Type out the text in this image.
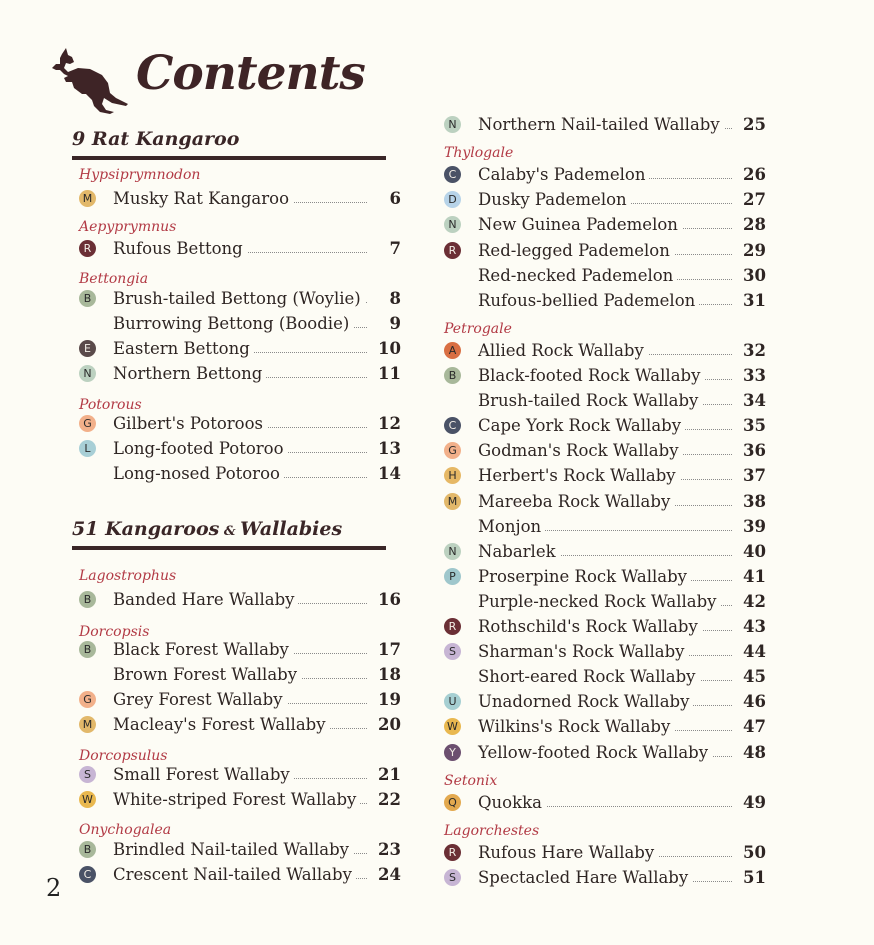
Contents
9 Rat Kangaroo
Hypsiprymnodon
M Musky Rat Kangaroo	6
Aepyprymnus
R Rufous Bettong	7
Bettongia
B Brush-tailed Bettong (Woylie)	8
Burrowing Bettong (Boodie)	9
E	Eastern Bettong	10
N Northern Bettong	11
Potorous
G Gilbert's Potoroos	12
L	Long-footed Potoroo	13
Long-nosed Potoroo	14
51 Kangaroos & Wallabies
Lagostrophus
B Banded Hare Wallaby	16
Dorcopsis
B Black Forest Wallaby	17
Brown Forest Wallaby	18
G Grey Forest Wallaby	19
M Macleay's Forest Wallaby	20
Dorcopsulus
S	Small Forest Wallaby	21
W White-striped Forest Wallaby	22
Onychogalea
B Brindled Nail-tailed Wallaby	23
C Crescent Nail-tailed Wallaby	24
N Northern Nail-tailed Wallaby	25
Thylogale
C Calaby's Pademelon	26
D Dusky Pademelon	27
N New Guinea Pademelon	28
R Red-legged Pademelon	29
Red-necked Pademelon	30
Rufous-bellied Pademelon	31
Petrogale
A Allied Rock Wallaby	32
B Black-footed Rock Wallaby	33
Brush-tailed Rock Wallaby	34
C Cape York Rock Wallaby	35
G Godman's Rock Wallaby	36
H Herbert's Rock Wallaby	37
M Mareeba Rock Wallaby	38
Monjon	39
N Nabarlek	40
P	Proserpine Rock Wallaby	41
Purple-necked Rock Wallaby	42
R Rothschild's Rock Wallaby	43
S	Sharman's Rock Wallaby	44
Short-eared Rock Wallaby	45
U Unadorned Rock Wallaby	46
W Wilkins's Rock Wallaby	47
Y	Yellow-footed Rock Wallaby	48
Setonix
Q Quokka	49
Lagorchestes
R Rufous Hare Wallaby	50
S	Spectacled Hare Wallaby	51
2
